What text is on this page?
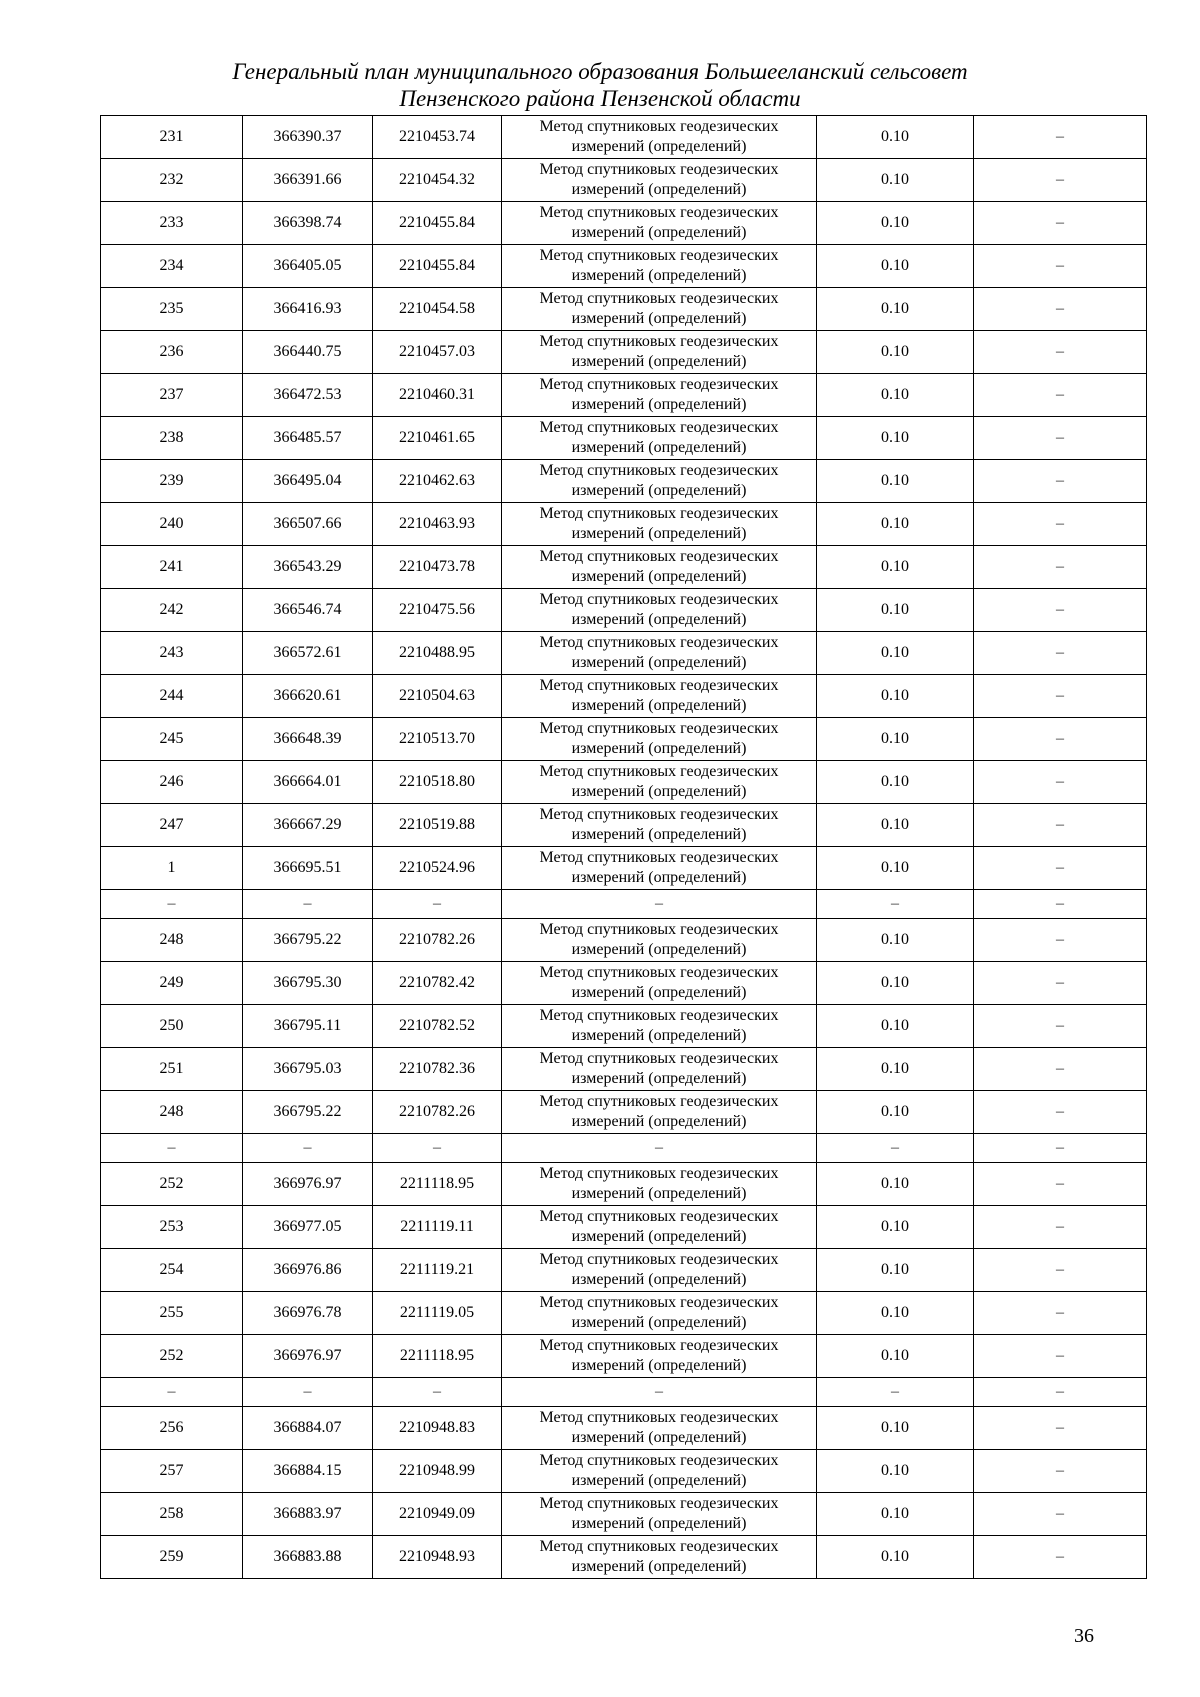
Генеральный план муниципального образования Большееланский сельсовет
Пензенского района Пензенской области
231	366390.37	2210453.74	Метод спутниковых геодезических
измерений (определений)	0.10	–
232	366391.66	2210454.32	Метод спутниковых геодезических
измерений (определений)	0.10	–
233	366398.74	2210455.84	Метод спутниковых геодезических
измерений (определений)	0.10	–
234	366405.05	2210455.84	Метод спутниковых геодезических
измерений (определений)	0.10	–
235	366416.93	2210454.58	Метод спутниковых геодезических
измерений (определений)	0.10	–
236	366440.75	2210457.03	Метод спутниковых геодезических
измерений (определений)	0.10	–
237	366472.53	2210460.31	Метод спутниковых геодезических
измерений (определений)	0.10	–
238	366485.57	2210461.65	Метод спутниковых геодезических
измерений (определений)	0.10	–
239	366495.04	2210462.63	Метод спутниковых геодезических
измерений (определений)	0.10	–
240	366507.66	2210463.93	Метод спутниковых геодезических
измерений (определений)	0.10	–
241	366543.29	2210473.78	Метод спутниковых геодезических
измерений (определений)	0.10	–
242	366546.74	2210475.56	Метод спутниковых геодезических
измерений (определений)	0.10	–
243	366572.61	2210488.95	Метод спутниковых геодезических
измерений (определений)	0.10	–
244	366620.61	2210504.63	Метод спутниковых геодезических
измерений (определений)	0.10	–
245	366648.39	2210513.70	Метод спутниковых геодезических
измерений (определений)	0.10	–
246	366664.01	2210518.80	Метод спутниковых геодезических
измерений (определений)	0.10	–
247	366667.29	2210519.88	Метод спутниковых геодезических
измерений (определений)	0.10	–
1	366695.51	2210524.96	Метод спутниковых геодезических
измерений (определений)	0.10	–
–	–	–	–	–	–
248	366795.22	2210782.26	Метод спутниковых геодезических
измерений (определений)	0.10	–
249	366795.30	2210782.42	Метод спутниковых геодезических
измерений (определений)	0.10	–
250	366795.11	2210782.52	Метод спутниковых геодезических
измерений (определений)	0.10	–
251	366795.03	2210782.36	Метод спутниковых геодезических
измерений (определений)	0.10	–
248	366795.22	2210782.26	Метод спутниковых геодезических
измерений (определений)	0.10	–
–	–	–	–	–	–
252	366976.97	2211118.95	Метод спутниковых геодезических
измерений (определений)	0.10	–
253	366977.05	2211119.11	Метод спутниковых геодезических
измерений (определений)	0.10	–
254	366976.86	2211119.21	Метод спутниковых геодезических
измерений (определений)	0.10	–
255	366976.78	2211119.05	Метод спутниковых геодезических
измерений (определений)	0.10	–
252	366976.97	2211118.95	Метод спутниковых геодезических
измерений (определений)	0.10	–
–	–	–	–	–	–
256	366884.07	2210948.83	Метод спутниковых геодезических
измерений (определений)	0.10	–
257	366884.15	2210948.99	Метод спутниковых геодезических
измерений (определений)	0.10	–
258	366883.97	2210949.09	Метод спутниковых геодезических
измерений (определений)	0.10	–
259	366883.88	2210948.93	Метод спутниковых геодезических
измерений (определений)	0.10	–
36
